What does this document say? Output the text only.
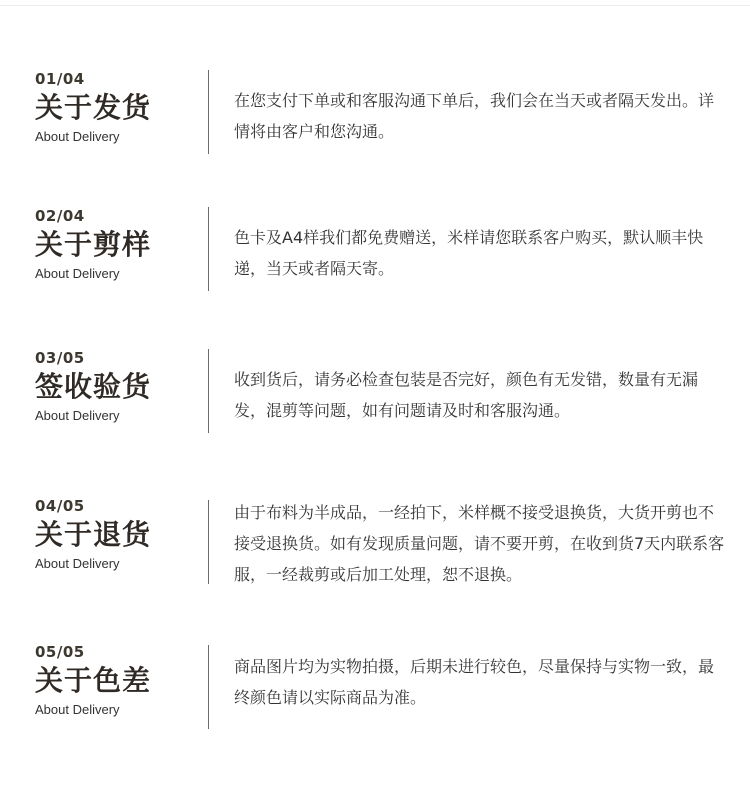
01/04
关于发货
About Delivery

在您支付下单或和客服沟通下单后，我们会在当天或者隔天发出。详情将由客户和您沟通。

02/04
关于剪样
About Delivery

色卡及A4样我们都免费赠送，米样请您联系客户购买，默认顺丰快递，当天或者隔天寄。

03/05
签收验货
About Delivery

收到货后，请务必检查包装是否完好，颜色有无发错，数量有无漏发，混剪等问题，如有问题请及时和客服沟通。

04/05
关于退货
About Delivery

由于布料为半成品，一经拍下，米样概不接受退换货，大货开剪也不接受退换货。如有发现质量问题，请不要开剪，在收到货7天内联系客服，一经裁剪或后加工处理，恕不退换。

05/05
关于色差
About Delivery

商品图片均为实物拍摄，后期未进行较色，尽量保持与实物一致，最终颜色请以实际商品为准。
